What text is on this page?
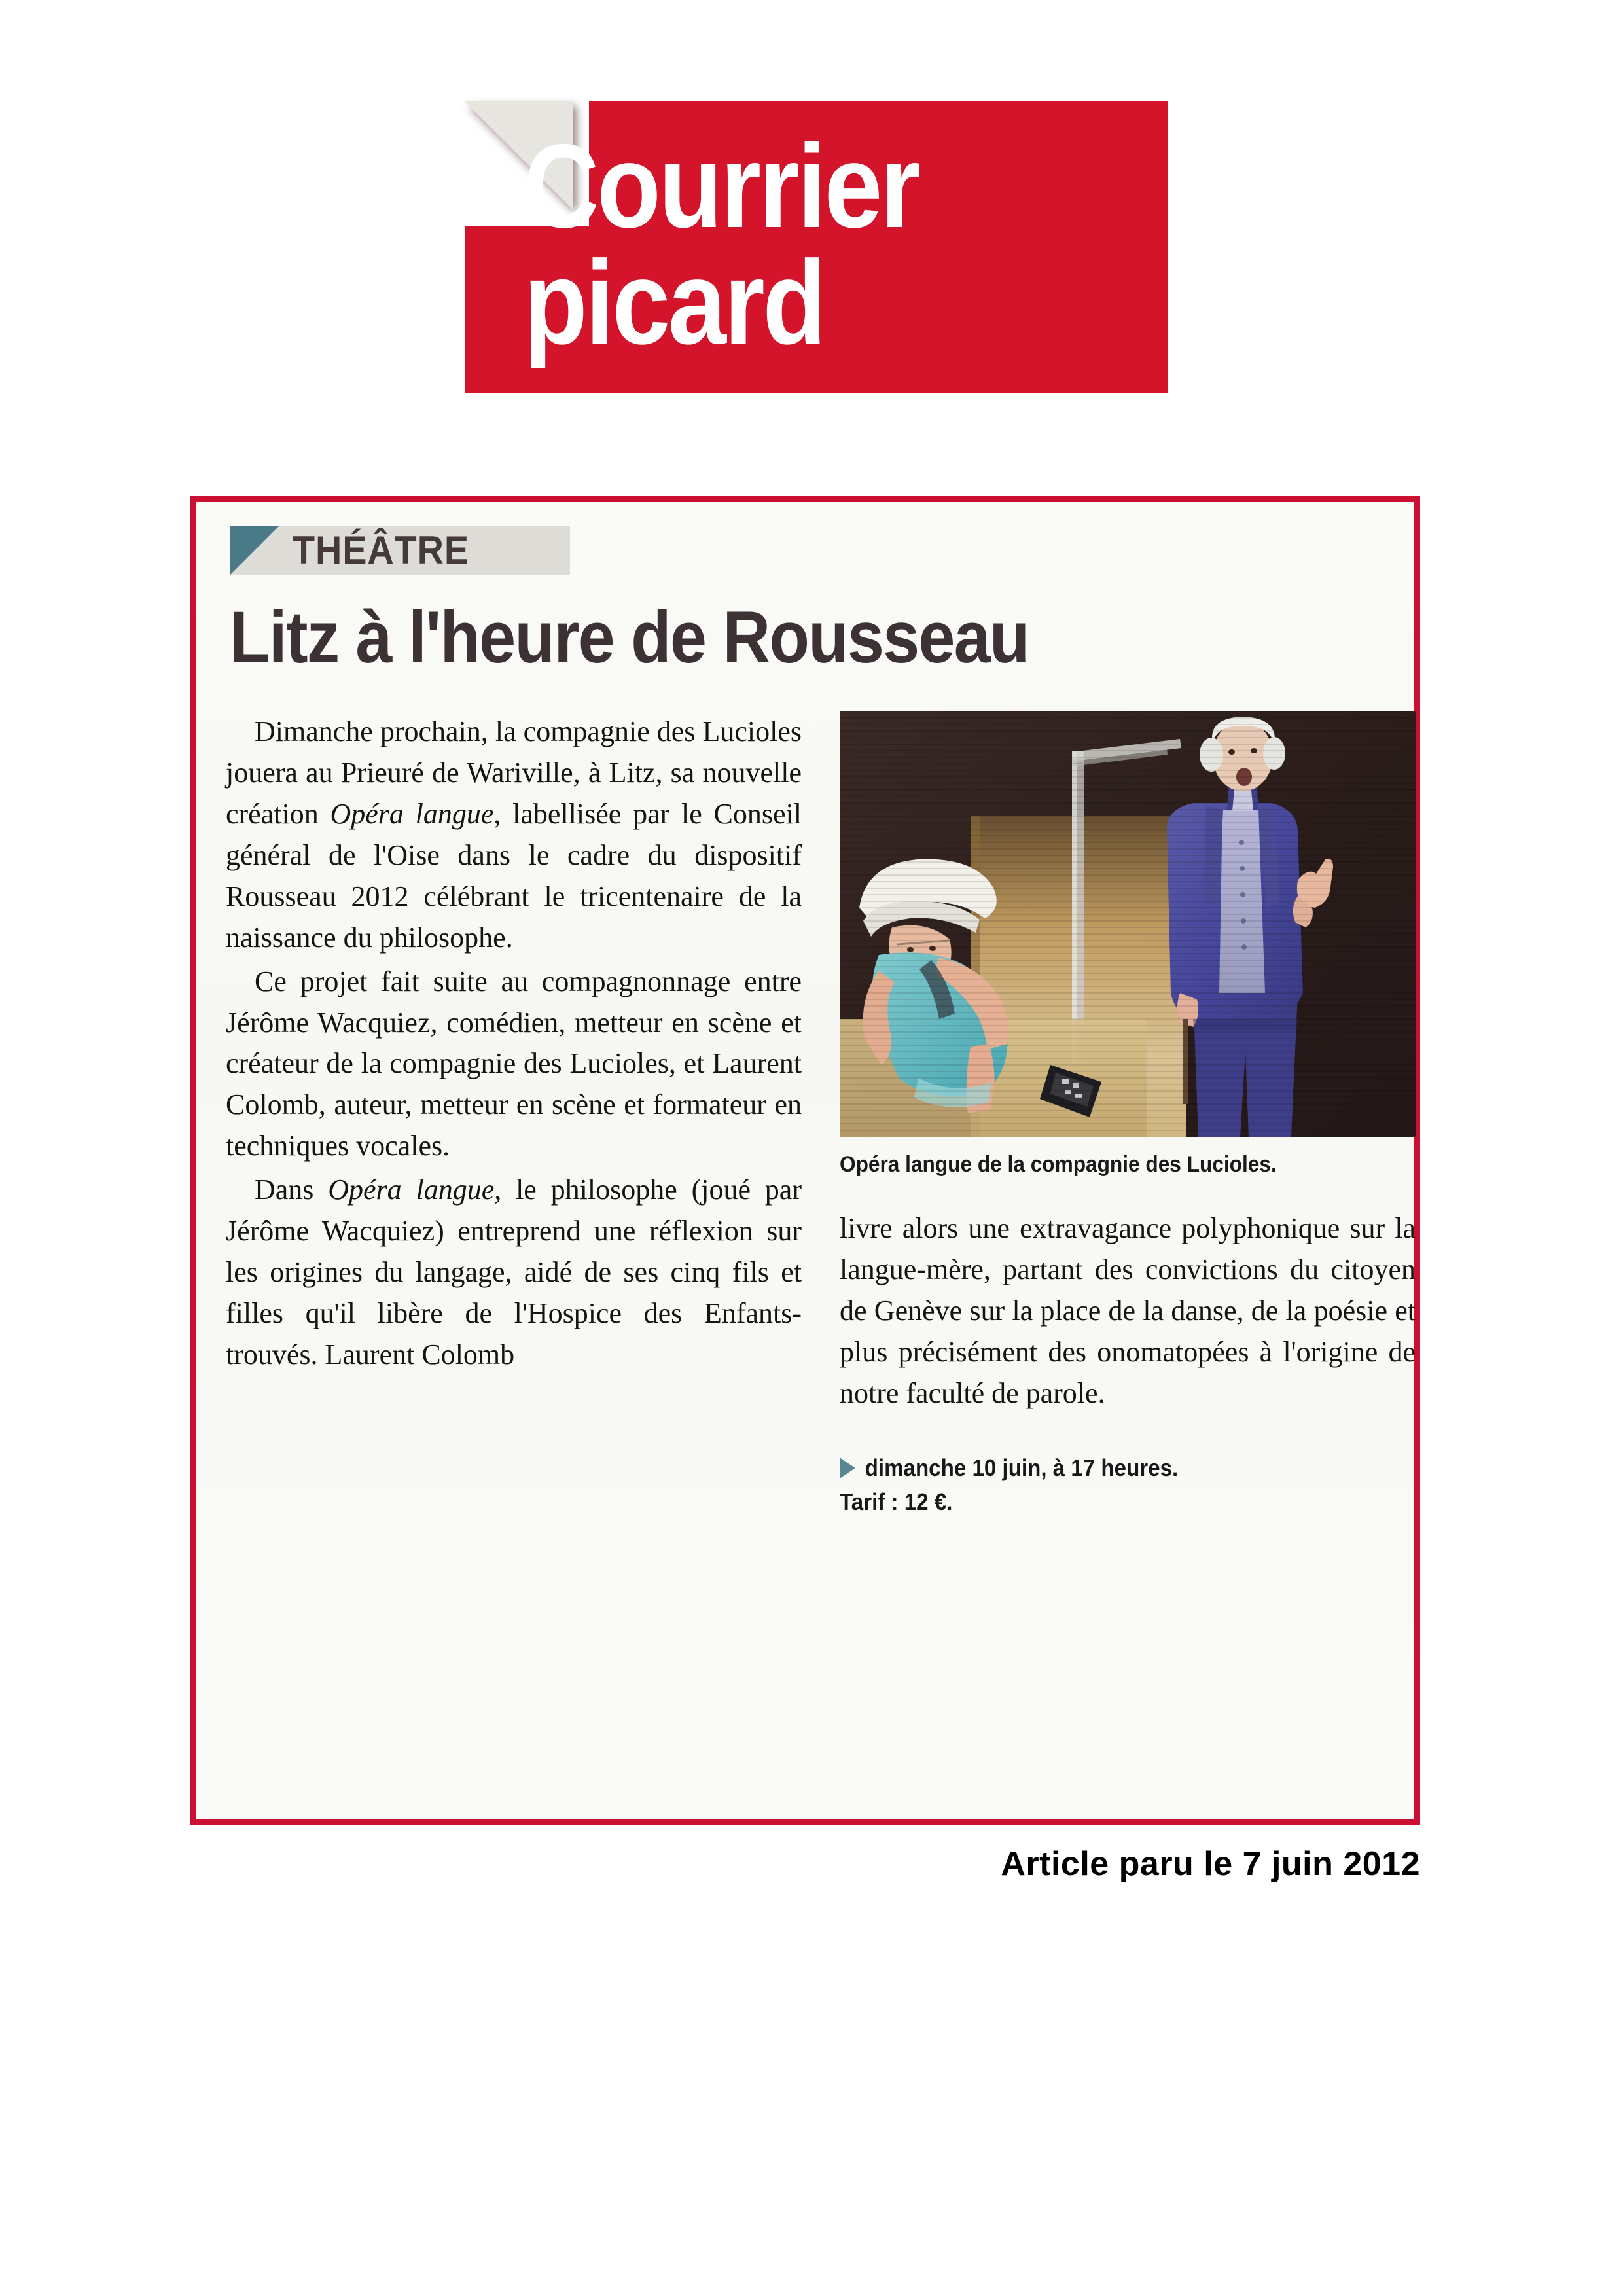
Courrier
picard
THÉÂTRE
Litz à l'heure de Rousseau

Dimanche prochain, la compagnie des Lucioles jouera au Prieuré de Wariville, à Litz, sa nouvelle création Opéra langue, labellisée par le Conseil général de l'Oise dans le cadre du dispositif Rousseau 2012 célébrant le tricentenaire de la naissance du philosophe.

Ce projet fait suite au compagnonnage entre Jérôme Wacquiez, comédien, metteur en scène et créateur de la compagnie des Lucioles, et Laurent Colomb, auteur, metteur en scène et formateur en techniques vocales.

Dans Opéra langue, le philosophe (joué par Jérôme Wacquiez) entreprend une réflexion sur les origines du langage, aidé de ses cinq fils et filles qu'il libère de l'Hospice des Enfants-trouvés. Laurent Colomb

Opéra langue de la compagnie des Lucioles.

livre alors une extravagance polyphonique sur la langue-mère, partant des convictions du citoyen de Genève sur la place de la danse, de la poésie et plus précisément des onomatopées à l'origine de notre faculté de parole.

dimanche 10 juin, à 17 heures.
Tarif : 12 €.
Article paru le 7 juin 2012
